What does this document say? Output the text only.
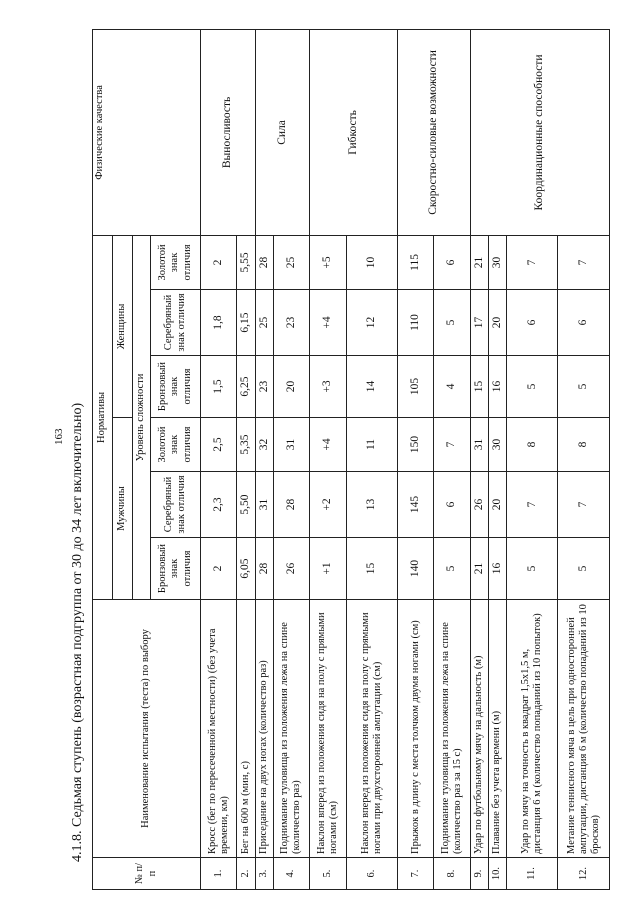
163 4.1.8. Седьмая ступень (возрастная подгруппа от 30 до 34 лет включительно)
№ п/п	Наименование испытания (теста) по выбору	Нормативы						Физические качества
		Мужчины			Женщины			
		Уровень сложности						
		Бронзовый знак отличия	Серебряный знак отличия	Золотой знак отличия	Бронзовый знак отличия	Серебряный знак отличия	Золотой знак отличия	
1.	Кросс (бег по пересеченной местности) (без учета времени, км)	2	2,3	2,5	1,5	1,8	2	Выносливость
2.	Бег на 600 м (мин, с)	6,05	5,50	5,35	6,25	6,15	5,55	
3.	Приседание на двух ногах (количество раз)	28	31	32	23	25	28	Сила
4.	Поднимание туловища из положения лежа на спине (количество раз)	26	28	31	20	23	25	
5.	Наклон вперед из положения сидя на полу с прямыми ногами (см)	+1	+2	+4	+3	+4	+5	Гибкость
6.	Наклон вперед из положения сидя на полу с прямыми ногами при двухсторонней ампутации (см)	15	13	11	14	12	10	
7.	Прыжок в длину с места толчком двумя ногами (см)	140	145	150	105	110	115	Скоростно-силовые возможности
8.	Поднимание туловища из положения лежа на спине (количество раз за 15 с)	5	6	7	4	5	6	
9.	Удар по футбольному мячу на дальность (м)	21	26	31	15	17	21	Координационные способности
10.	Плавание без учета времени (м)	16	20	30	16	20	30	
11.	Удар по мячу на точность в квадрат 1,5х1,5 м, дистанция 6 м (количество попаданий из 10 попыток)	5	7	8	5	6	7	
12.	Метание теннисного мяча в цель при односторонней ампутации, дистанция 6 м (количество попаданий из 10 бросков)	5	7	8	5	6	7	
